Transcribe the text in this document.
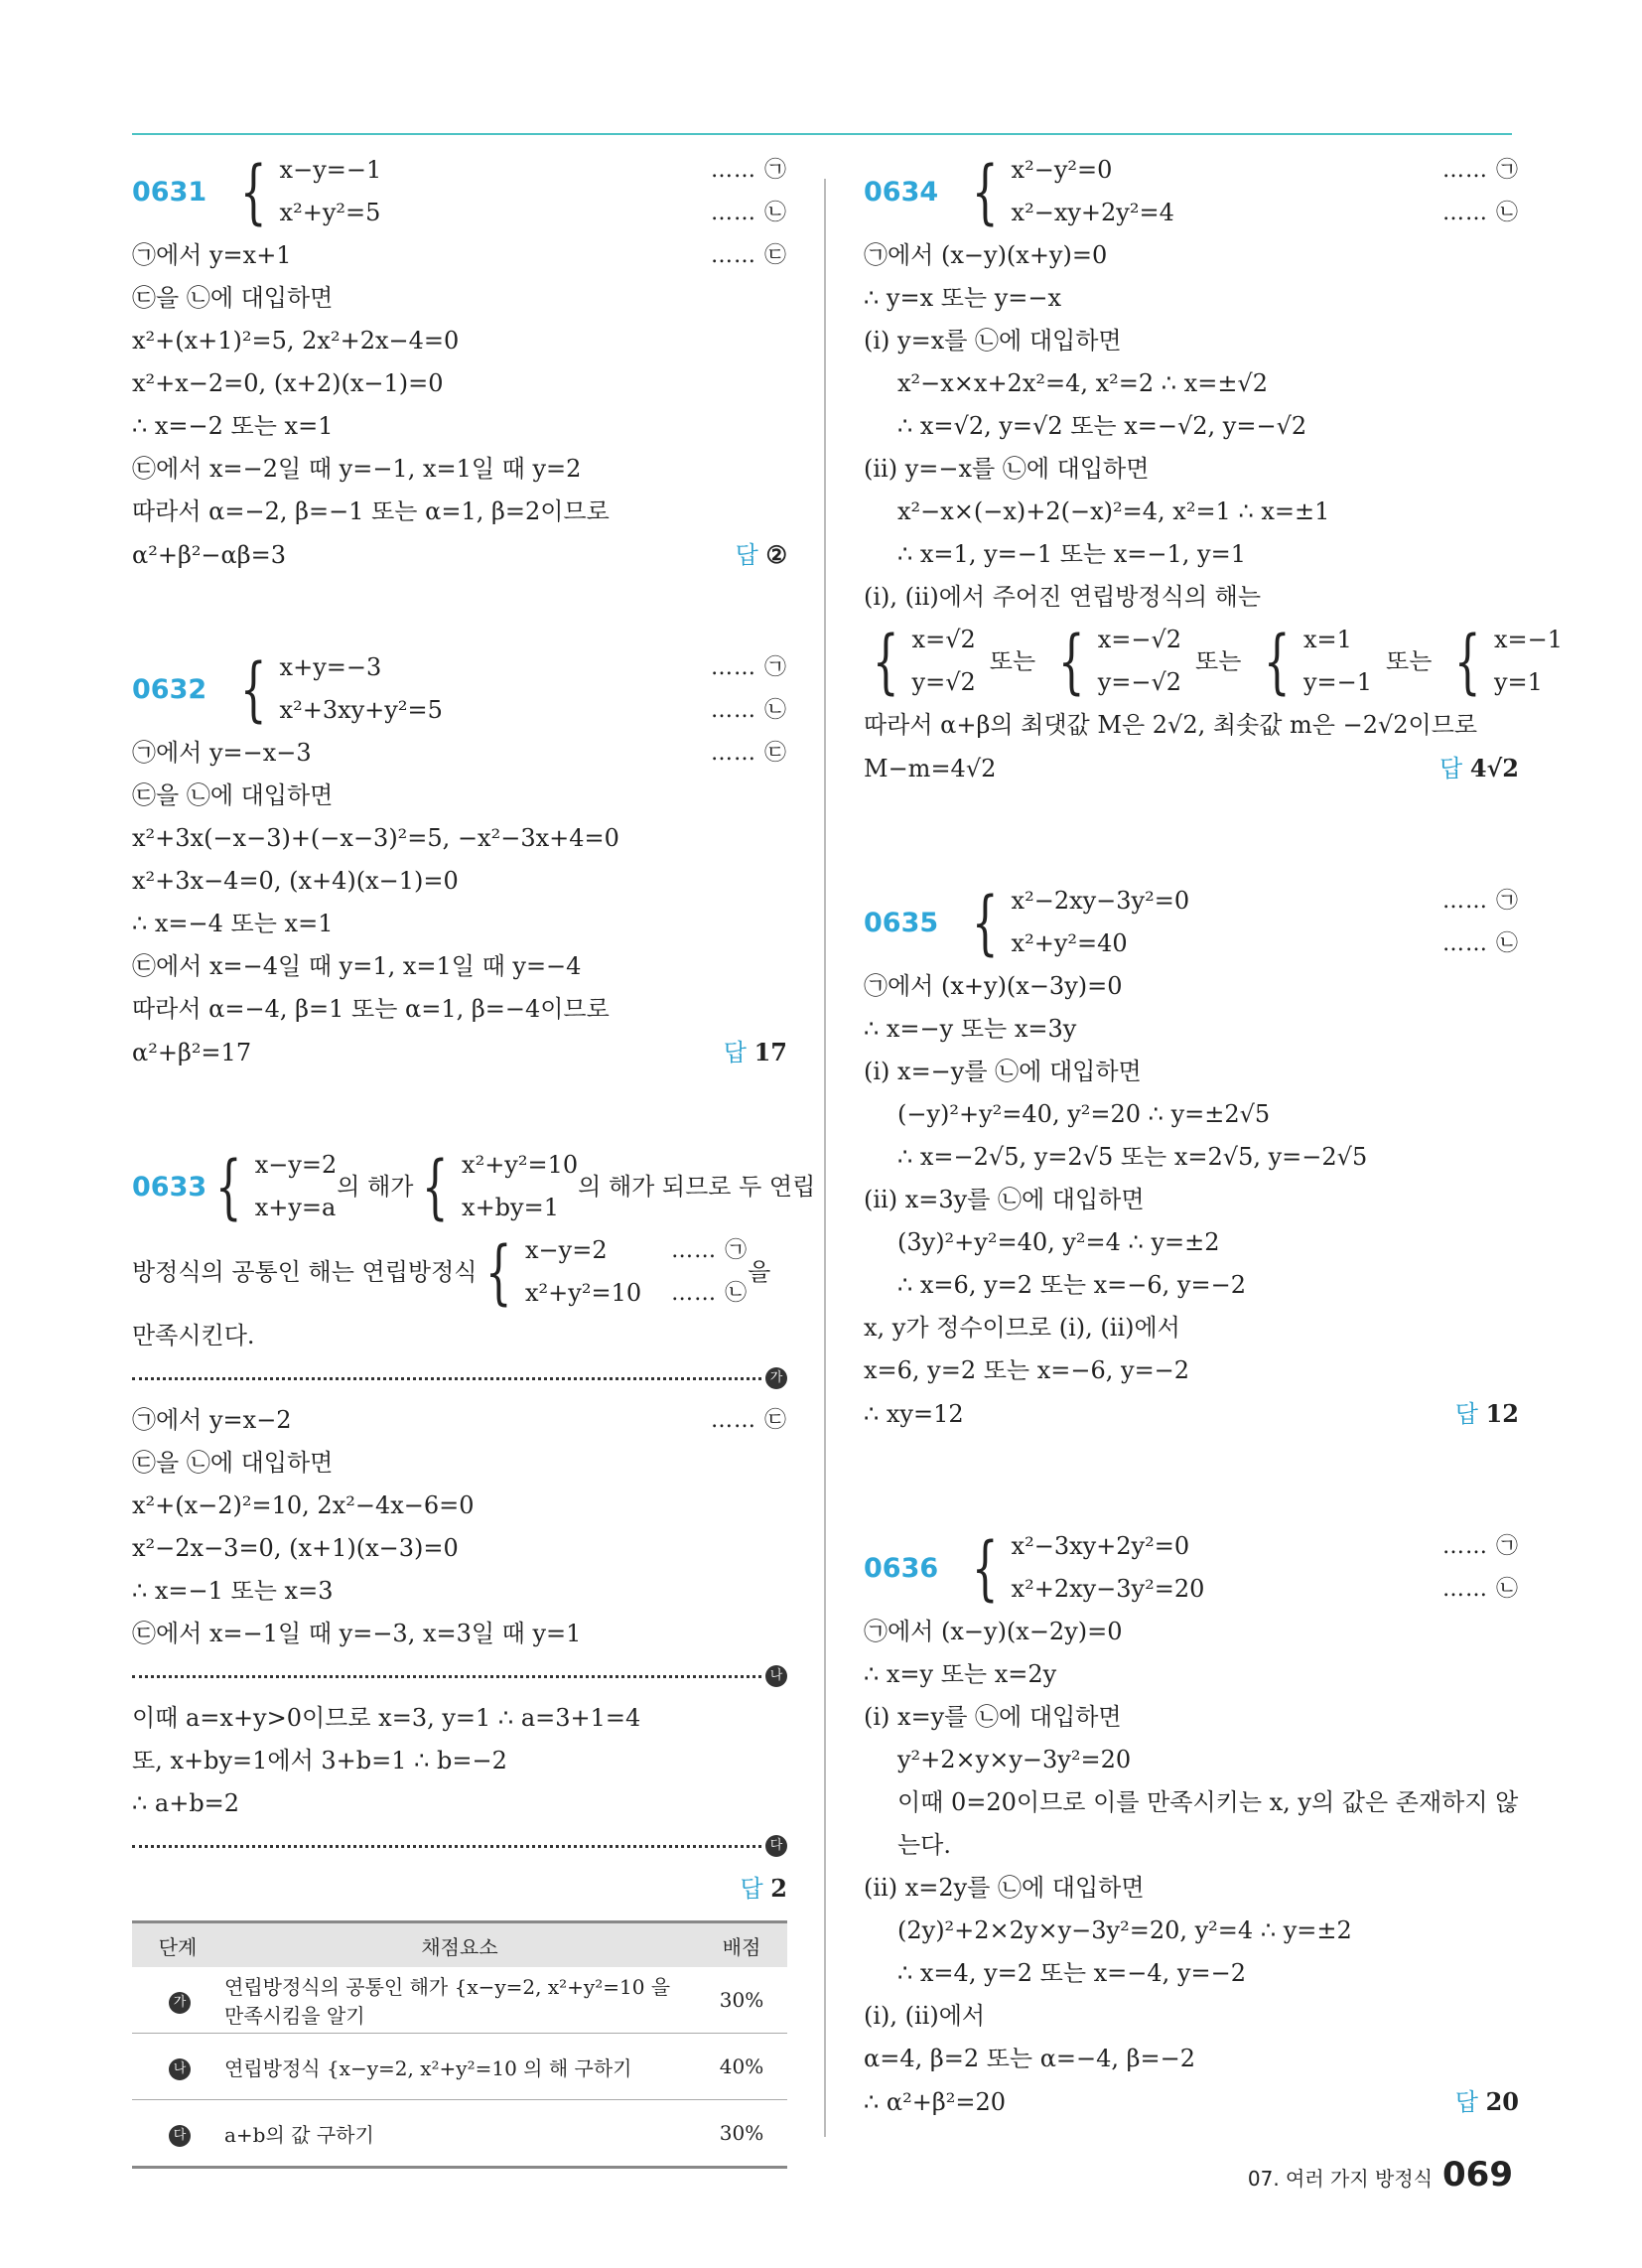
0631 { x−y=−1
x²+y²=5
…… ㉠
…… ㉡
㉠에서 y=x+1	…… ㉢
㉢을 ㉡에 대입하면
x²+(x+1)²=5, 2x²+2x−4=0
x²+x−2=0, (x+2)(x−1)=0
∴ x=−2 또는 x=1
㉢에서 x=−2일 때 y=−1, x=1일 때 y=2
따라서 α=−2, β=−1 또는 α=1, β=2이므로
α²+β²−αβ=3	답 ②
0632 { x+y=−3
x²+3xy+y²=5
…… ㉠
…… ㉡
㉠에서 y=−x−3	…… ㉢
㉢을 ㉡에 대입하면
x²+3x(−x−3)+(−x−3)²=5, −x²−3x+4=0
x²+3x−4=0, (x+4)(x−1)=0
∴ x=−4 또는 x=1
㉢에서 x=−4일 때 y=1, x=1일 때 y=−4
따라서 α=−4, β=1 또는 α=1, β=−4이므로
α²+β²=17	답 17
0633 { x−y=2
x+y=a
의 해가 { x²+y²=10
x+by=1
의 해가 되므로 두 연립
방정식의 공통인 해는 연립방정식 { x−y=2
x²+y²=10
…… ㉠
…… ㉡
을
만족시킨다.
가
㉠에서 y=x−2	…… ㉢
㉢을 ㉡에 대입하면
x²+(x−2)²=10, 2x²−4x−6=0
x²−2x−3=0, (x+1)(x−3)=0
∴ x=−1 또는 x=3
㉢에서 x=−1일 때 y=−3, x=3일 때 y=1
나
이때 a=x+y>0이므로 x=3, y=1 ∴ a=3+1=4
또, x+by=1에서 3+b=1 ∴ b=−2
∴ a+b=2
다
답 2
단계	채점요소	배점
가	연립방정식의 공통인 해가 {x−y=2, x²+y²=10 을 만족시킴을 알기	30%
나	연립방정식 {x−y=2, x²+y²=10 의 해 구하기	40%
다	a+b의 값 구하기	30%
0634 { x²−y²=0
x²−xy+2y²=4
…… ㉠
…… ㉡
㉠에서 (x−y)(x+y)=0
∴ y=x 또는 y=−x
(ⅰ) y=x를 ㉡에 대입하면
x²−x×x+2x²=4, x²=2 ∴ x=±√2
∴ x=√2, y=√2 또는 x=−√2, y=−√2
(ⅱ) y=−x를 ㉡에 대입하면
x²−x×(−x)+2(−x)²=4, x²=1 ∴ x=±1
∴ x=1, y=−1 또는 x=−1, y=1
(ⅰ), (ⅱ)에서 주어진 연립방정식의 해는
{ x=√2
y=√2
또는 { x=−√2
y=−√2
또는 { x=1
y=−1
또는 { x=−1
y=1
따라서 α+β의 최댓값 M은 2√2, 최솟값 m은 −2√2이므로
M−m=4√2	답 4√2
0635 { x²−2xy−3y²=0
x²+y²=40
…… ㉠
…… ㉡
㉠에서 (x+y)(x−3y)=0
∴ x=−y 또는 x=3y
(ⅰ) x=−y를 ㉡에 대입하면
(−y)²+y²=40, y²=20 ∴ y=±2√5
∴ x=−2√5, y=2√5 또는 x=2√5, y=−2√5
(ⅱ) x=3y를 ㉡에 대입하면
(3y)²+y²=40, y²=4 ∴ y=±2
∴ x=6, y=2 또는 x=−6, y=−2
x, y가 정수이므로 (ⅰ), (ⅱ)에서
x=6, y=2 또는 x=−6, y=−2
∴ xy=12	답 12
0636 { x²−3xy+2y²=0
x²+2xy−3y²=20
…… ㉠
…… ㉡
㉠에서 (x−y)(x−2y)=0
∴ x=y 또는 x=2y
(ⅰ) x=y를 ㉡에 대입하면
y²+2×y×y−3y²=20
이때 0=20이므로 이를 만족시키는 x, y의 값은 존재하지 않
는다.
(ⅱ) x=2y를 ㉡에 대입하면
(2y)²+2×2y×y−3y²=20, y²=4 ∴ y=±2
∴ x=4, y=2 또는 x=−4, y=−2
(ⅰ), (ⅱ)에서
α=4, β=2 또는 α=−4, β=−2
∴ α²+β²=20	답 20
07. 여러 가지 방정식 069
